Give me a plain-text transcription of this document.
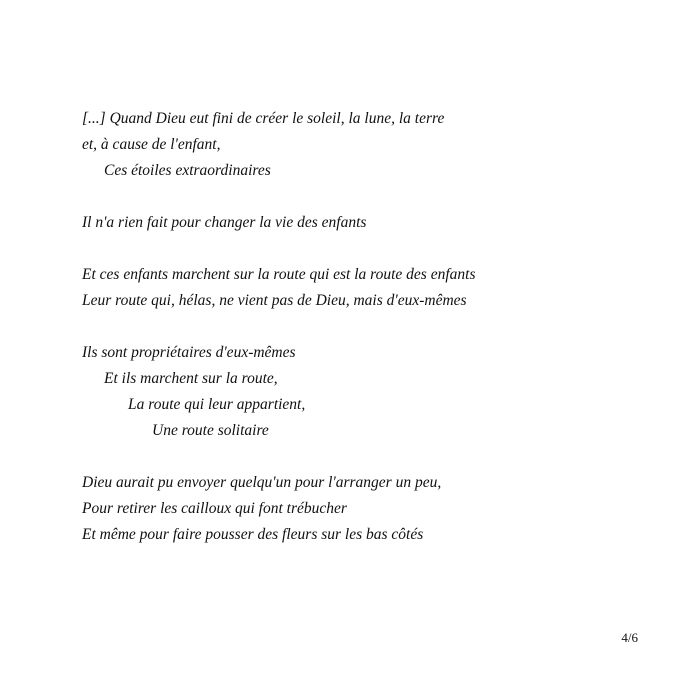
[...] Quand Dieu eut fini de créer le soleil, la lune, la terre
et, à cause de l'enfant,
Ces étoiles extraordinaires
Il n'a rien fait pour changer la vie des enfants
Et ces enfants marchent sur la route qui est la route des enfants
Leur route qui, hélas, ne vient pas de Dieu, mais d'eux-mêmes
Ils sont propriétaires d'eux-mêmes
Et ils marchent sur la route,
La route qui leur appartient,
Une route solitaire
Dieu aurait pu envoyer quelqu'un pour l'arranger un peu,
Pour retirer les cailloux qui font trébucher
Et même pour faire pousser des fleurs sur les bas côtés
4/6
